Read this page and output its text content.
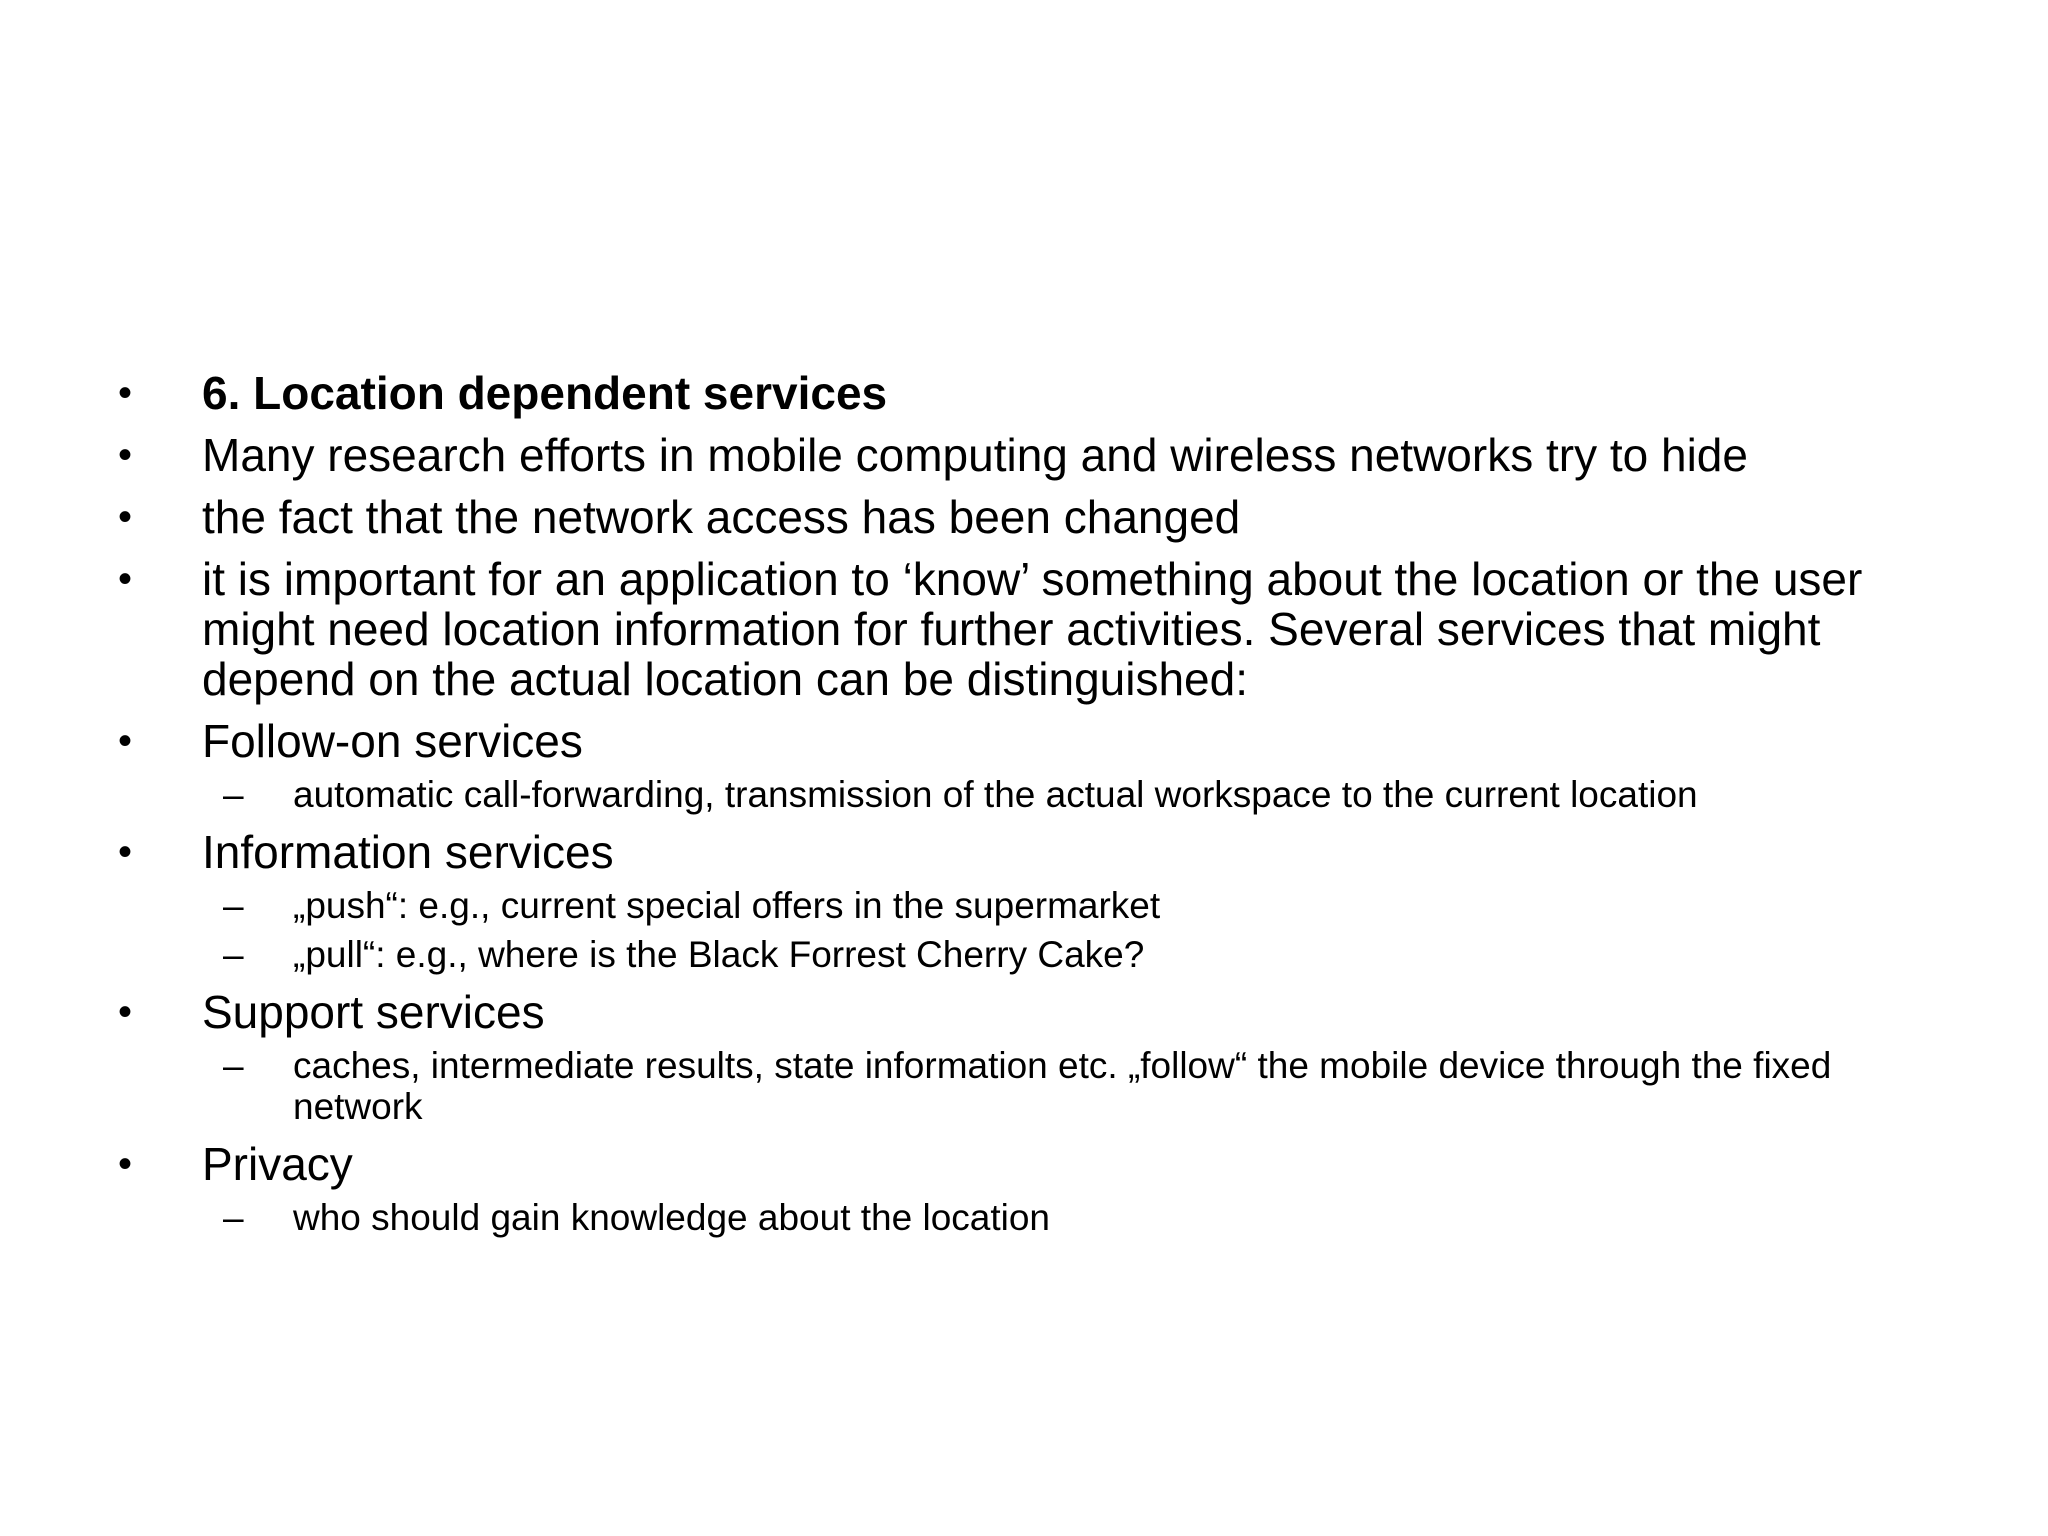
•	6. Location dependent services
•	Many research efforts in mobile computing and wireless networks try to hide
•	the fact that the network access has been changed
•	it is important for an application to ‘know’ something about the location or the user might need location information for further activities. Several services that might depend on the actual location can be distinguished:
•	Follow-on services
–	automatic call-forwarding, transmission of the actual workspace to the current location
•	Information services
–	„push“: e.g., current special offers in the supermarket
–	„pull“: e.g., where is the Black Forrest Cherry Cake?
•	Support services
–	caches, intermediate results, state information etc. „follow“ the mobile device through the fixed network
•	Privacy
–	who should gain knowledge about the location
